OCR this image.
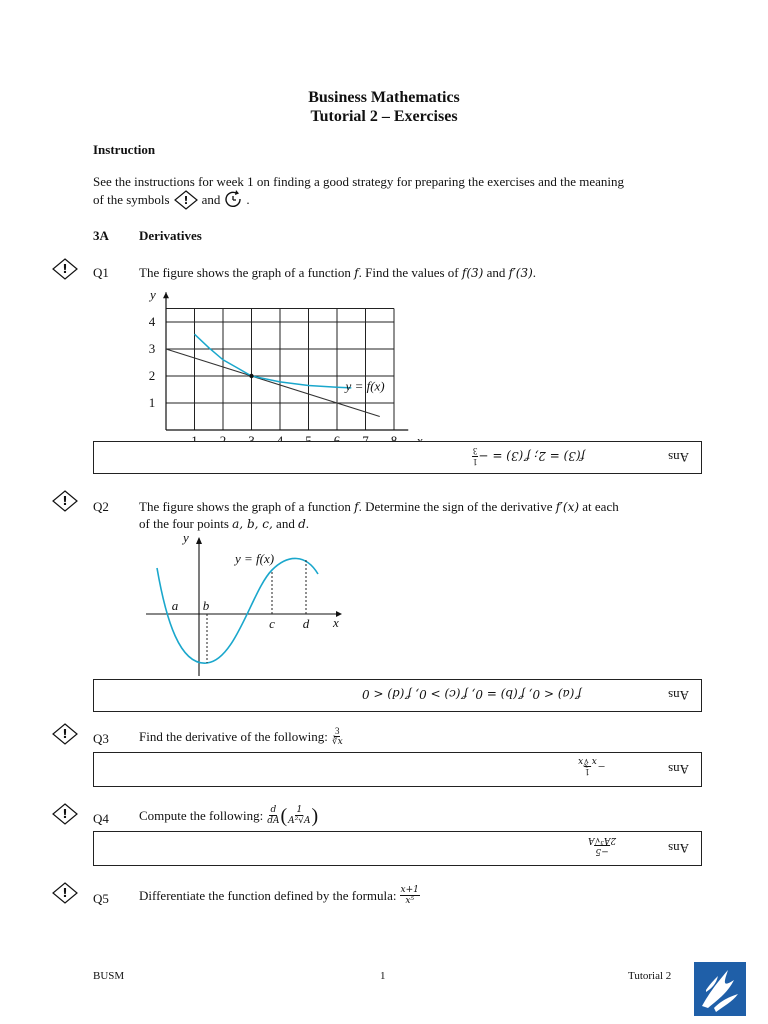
Business Mathematics
Tutorial 2 – Exercises
Instruction
See the instructions for week 1 on finding a good strategy for preparing the exercises and the meaning
of the symbols ! and .
3A Derivatives
! Q1 The figure shows the graph of a function f. Find the values of f(3) and f′(3).
1
2
3
4
y
y = f(x)
Ans
f(3) = 2; f′(3) = −
1
3
! Q2 The figure shows the graph of a function f. Determine the sign of the derivative f′(x) at each
of the four points a, b, c, and d.
y
x
a b
c d
y = f(x)
Ans
f′(a) < 0, f′(b) = 0, f′(c) > 0, f′(d) < 0
! Q3 Find the derivative of the following: $\frac{3}{∛x}$
Ans
−
1
x ∛x
! Q4 Compute the following: $\frac{d}{dA}$ ( $\frac{1}{\text{A²√A}}$ )
Ans
−5
2A³√A
! Q5 Differentiate the function defined by the formula: $\frac{x+1}{\text{x⁵}}$
BUSM	1	Tutorial 2
